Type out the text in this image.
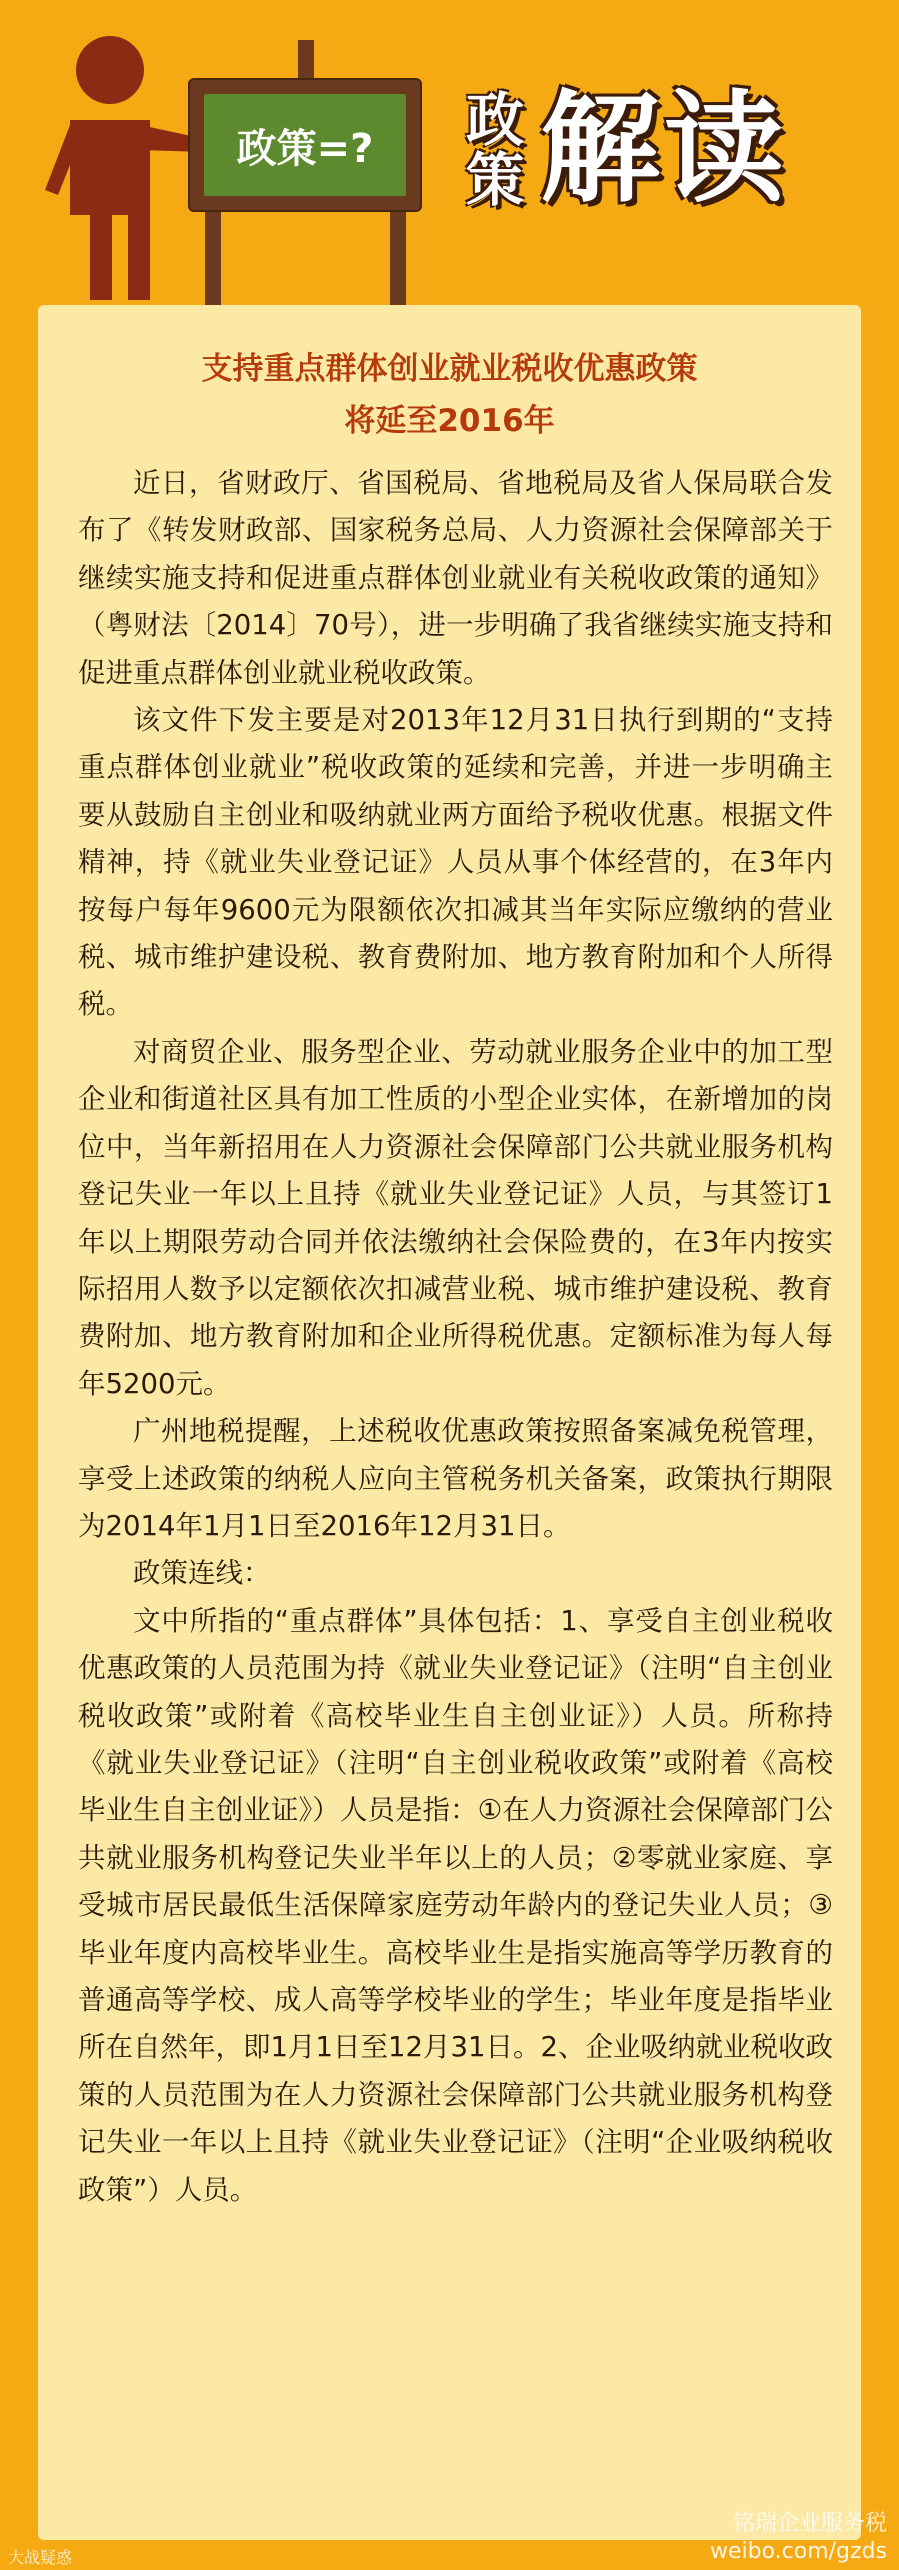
政策=? 政策 解读
支持重点群体创业就业税收优惠政策
将延至2016年

近日，省财政厅、省国税局、省地税局及省人保局联合发布了《转发财政部、国家税务总局、人力资源社会保障部关于继续实施支持和促进重点群体创业就业有关税收政策的通知》（粤财法〔2014〕70号），进一步明确了我省继续实施支持和促进重点群体创业就业税收政策。

该文件下发主要是对2013年12月31日执行到期的“支持重点群体创业就业”税收政策的延续和完善，并进一步明确主要从鼓励自主创业和吸纳就业两方面给予税收优惠。根据文件精神，持《就业失业登记证》人员从事个体经营的，在3年内按每户每年9600元为限额依次扣减其当年实际应缴纳的营业税、城市维护建设税、教育费附加、地方教育附加和个人所得税。

对商贸企业、服务型企业、劳动就业服务企业中的加工型企业和街道社区具有加工性质的小型企业实体，在新增加的岗位中，当年新招用在人力资源社会保障部门公共就业服务机构登记失业一年以上且持《就业失业登记证》人员，与其签订1年以上期限劳动合同并依法缴纳社会保险费的，在3年内按实际招用人数予以定额依次扣减营业税、城市维护建设税、教育费附加、地方教育附加和企业所得税优惠。定额标准为每人每年5200元。

广州地税提醒，上述税收优惠政策按照备案减免税管理，享受上述政策的纳税人应向主管税务机关备案，政策执行期限为2014年1月1日至2016年12月31日。

政策连线：

文中所指的“重点群体”具体包括：1、享受自主创业税收优惠政策的人员范围为持《就业失业登记证》（注明“自主创业税收政策”或附着《高校毕业生自主创业证》）人员。所称持《就业失业登记证》（注明“自主创业税收政策”或附着《高校毕业生自主创业证》）人员是指：①在人力资源社会保障部门公共就业服务机构登记失业半年以上的人员；②零就业家庭、享受城市居民最低生活保障家庭劳动年龄内的登记失业人员；③毕业年度内高校毕业生。高校毕业生是指实施高等学历教育的普通高等学校、成人高等学校毕业的学生；毕业年度是指毕业所在自然年，即1月1日至12月31日。2、企业吸纳就业税收政策的人员范围为在人力资源社会保障部门公共就业服务机构登记失业一年以上且持《就业失业登记证》（注明“企业吸纳税收政策”）人员。

大战疑惑
铭瑞企业服务税
weibo.com/gzds
